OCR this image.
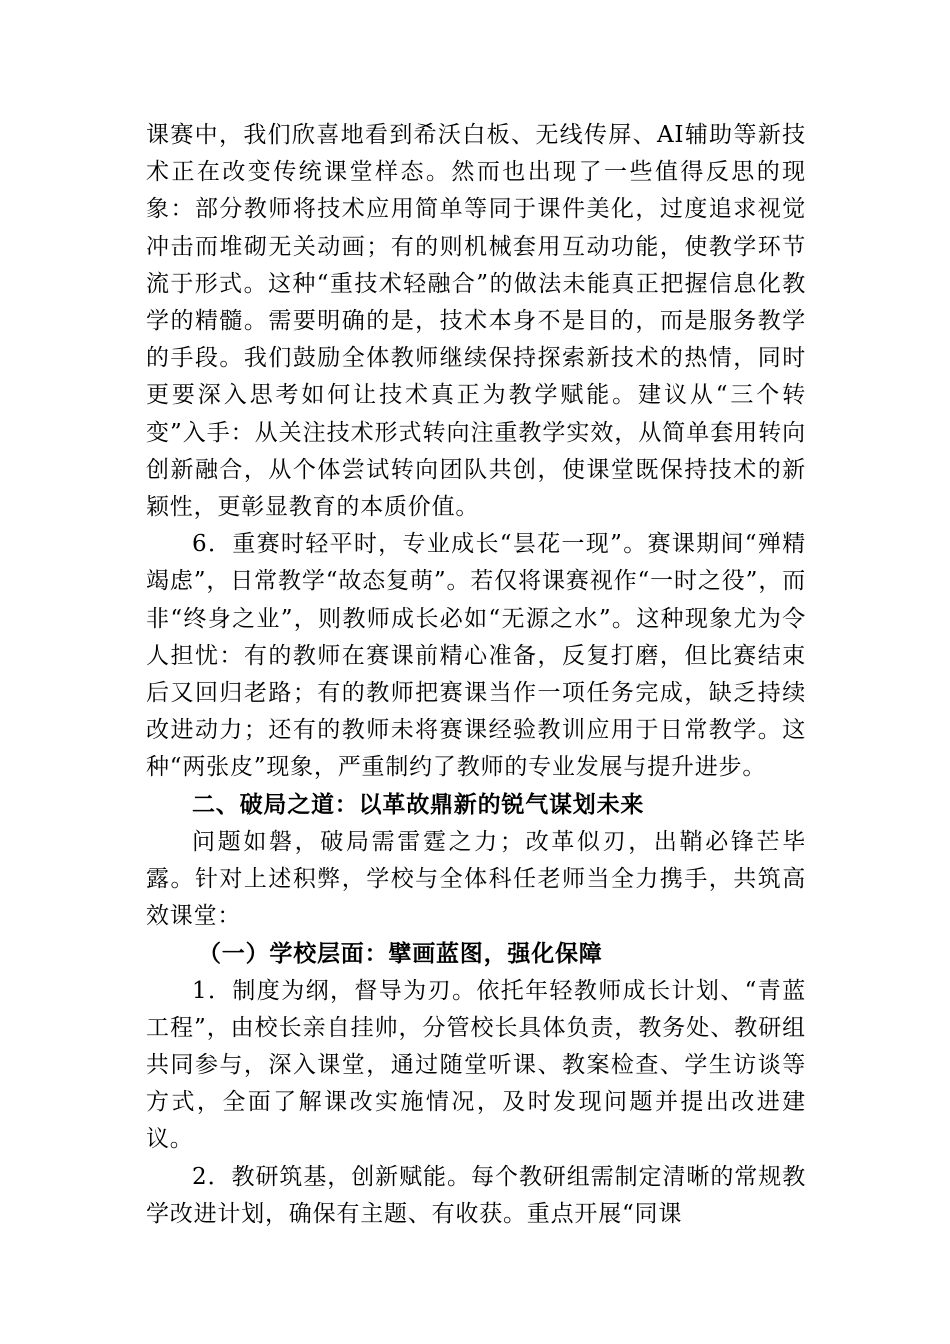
课赛中，我们欣喜地看到希沃白板、无线传屏、AI辅助等新技术正在改变传统课堂样态。然而也出现了一些值得反思的现象：部分教师将技术应用简单等同于课件美化，过度追求视觉冲击而堆砌无关动画；有的则机械套用互动功能，使教学环节流于形式。这种“重技术轻融合”的做法未能真正把握信息化教学的精髓。需要明确的是，技术本身不是目的，而是服务教学的手段。我们鼓励全体教师继续保持探索新技术的热情，同时更要深入思考如何让技术真正为教学赋能。建议从“三个转变”入手：从关注技术形式转向注重教学实效，从简单套用转向创新融合，从个体尝试转向团队共创，使课堂既保持技术的新颖性，更彰显教育的本质价值。

6．重赛时轻平时，专业成长“昙花一现”。赛课期间“殚精竭虑”，日常教学“故态复萌”。若仅将课赛视作“一时之役”，而非“终身之业”，则教师成长必如“无源之水”。这种现象尤为令人担忧：有的教师在赛课前精心准备，反复打磨，但比赛结束后又回归老路；有的教师把赛课当作一项任务完成，缺乏持续改进动力；还有的教师未将赛课经验教训应用于日常教学。这种“两张皮”现象，严重制约了教师的专业发展与提升进步。

二、破局之道：以革故鼎新的锐气谋划未来

问题如磐，破局需雷霆之力；改革似刃，出鞘必锋芒毕露。针对上述积弊，学校与全体科任老师当全力携手，共筑高效课堂：

（一）学校层面：擘画蓝图，强化保障

1．制度为纲，督导为刃。依托年轻教师成长计划、“青蓝工程”，由校长亲自挂帅，分管校长具体负责，教务处、教研组共同参与，深入课堂，通过随堂听课、教案检查、学生访谈等方式，全面了解课改实施情况，及时发现问题并提出改进建议。

2．教研筑基，创新赋能。每个教研组需制定清晰的常规教学改进计划，确保有主题、有收获。重点开展“同课
